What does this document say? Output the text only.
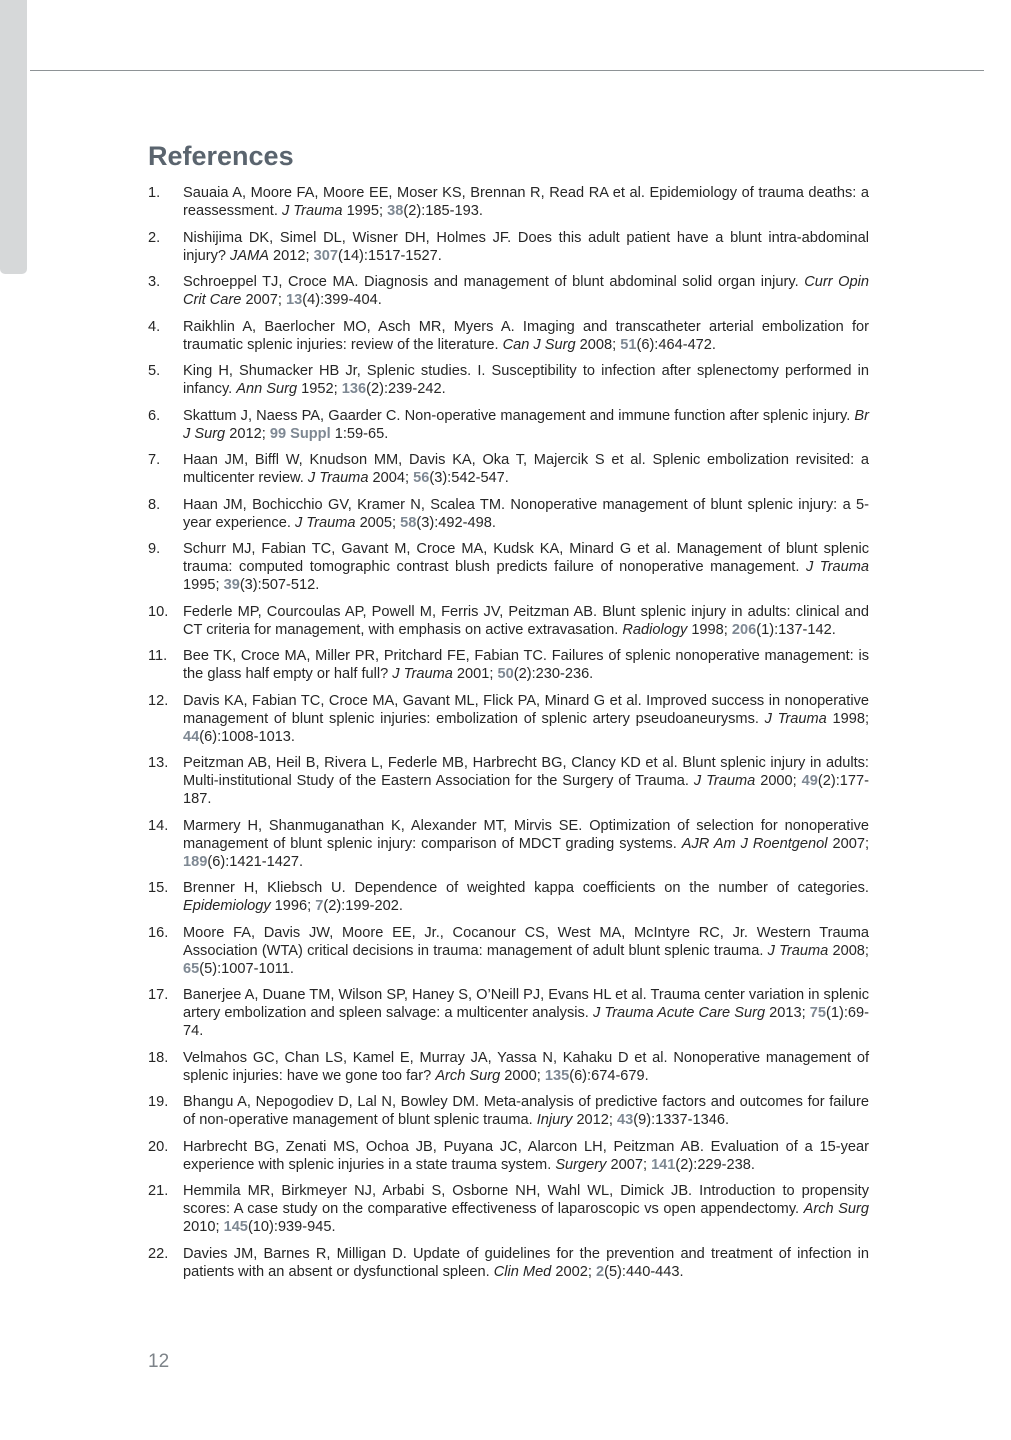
References
1. Sauaia A, Moore FA, Moore EE, Moser KS, Brennan R, Read RA et al. Epidemiology of trauma deaths: a reassessment. J Trauma 1995; 38(2):185-193.
2. Nishijima DK, Simel DL, Wisner DH, Holmes JF. Does this adult patient have a blunt intra-abdominal injury? JAMA 2012; 307(14):1517-1527.
3. Schroeppel TJ, Croce MA. Diagnosis and management of blunt abdominal solid organ injury. Curr Opin Crit Care 2007; 13(4):399-404.
4. Raikhlin A, Baerlocher MO, Asch MR, Myers A. Imaging and transcatheter arterial embolization for traumatic splenic injuries: review of the literature. Can J Surg 2008; 51(6):464-472.
5. King H, Shumacker HB Jr, Splenic studies. I. Susceptibility to infection after splenectomy performed in infancy. Ann Surg 1952; 136(2):239-242.
6. Skattum J, Naess PA, Gaarder C. Non-operative management and immune function after splenic injury. Br J Surg 2012; 99 Suppl 1:59-65.
7. Haan JM, Biffl W, Knudson MM, Davis KA, Oka T, Majercik S et al. Splenic embolization revisited: a multicenter review. J Trauma 2004; 56(3):542-547.
8. Haan JM, Bochicchio GV, Kramer N, Scalea TM. Nonoperative management of blunt splenic injury: a 5-year experience. J Trauma 2005; 58(3):492-498.
9. Schurr MJ, Fabian TC, Gavant M, Croce MA, Kudsk KA, Minard G et al. Management of blunt splenic trauma: computed tomographic contrast blush predicts failure of nonoperative management. J Trauma 1995; 39(3):507-512.
10. Federle MP, Courcoulas AP, Powell M, Ferris JV, Peitzman AB. Blunt splenic injury in adults: clinical and CT criteria for management, with emphasis on active extravasation. Radiology 1998; 206(1):137-142.
11. Bee TK, Croce MA, Miller PR, Pritchard FE, Fabian TC. Failures of splenic nonoperative management: is the glass half empty or half full? J Trauma 2001; 50(2):230-236.
12. Davis KA, Fabian TC, Croce MA, Gavant ML, Flick PA, Minard G et al. Improved success in nonoperative management of blunt splenic injuries: embolization of splenic artery pseudoaneurysms. J Trauma 1998; 44(6):1008-1013.
13. Peitzman AB, Heil B, Rivera L, Federle MB, Harbrecht BG, Clancy KD et al. Blunt splenic injury in adults: Multi-institutional Study of the Eastern Association for the Surgery of Trauma. J Trauma 2000; 49(2):177-187.
14. Marmery H, Shanmuganathan K, Alexander MT, Mirvis SE. Optimization of selection for nonoperative management of blunt splenic injury: comparison of MDCT grading systems. AJR Am J Roentgenol 2007; 189(6):1421-1427.
15. Brenner H, Kliebsch U. Dependence of weighted kappa coefficients on the number of categories. Epidemiology 1996; 7(2):199-202.
16. Moore FA, Davis JW, Moore EE, Jr., Cocanour CS, West MA, McIntyre RC, Jr. Western Trauma Association (WTA) critical decisions in trauma: management of adult blunt splenic trauma. J Trauma 2008; 65(5):1007-1011.
17. Banerjee A, Duane TM, Wilson SP, Haney S, O’Neill PJ, Evans HL et al. Trauma center variation in splenic artery embolization and spleen salvage: a multicenter analysis. J Trauma Acute Care Surg 2013; 75(1):69-74.
18. Velmahos GC, Chan LS, Kamel E, Murray JA, Yassa N, Kahaku D et al. Nonoperative management of splenic injuries: have we gone too far? Arch Surg 2000; 135(6):674-679.
19. Bhangu A, Nepogodiev D, Lal N, Bowley DM. Meta-analysis of predictive factors and outcomes for failure of non-operative management of blunt splenic trauma. Injury 2012; 43(9):1337-1346.
20. Harbrecht BG, Zenati MS, Ochoa JB, Puyana JC, Alarcon LH, Peitzman AB. Evaluation of a 15-year experience with splenic injuries in a state trauma system. Surgery 2007; 141(2):229-238.
21. Hemmila MR, Birkmeyer NJ, Arbabi S, Osborne NH, Wahl WL, Dimick JB. Introduction to propensity scores: A case study on the comparative effectiveness of laparoscopic vs open appendectomy. Arch Surg 2010; 145(10):939-945.
22. Davies JM, Barnes R, Milligan D. Update of guidelines for the prevention and treatment of infection in patients with an absent or dysfunctional spleen. Clin Med 2002; 2(5):440-443.
12
